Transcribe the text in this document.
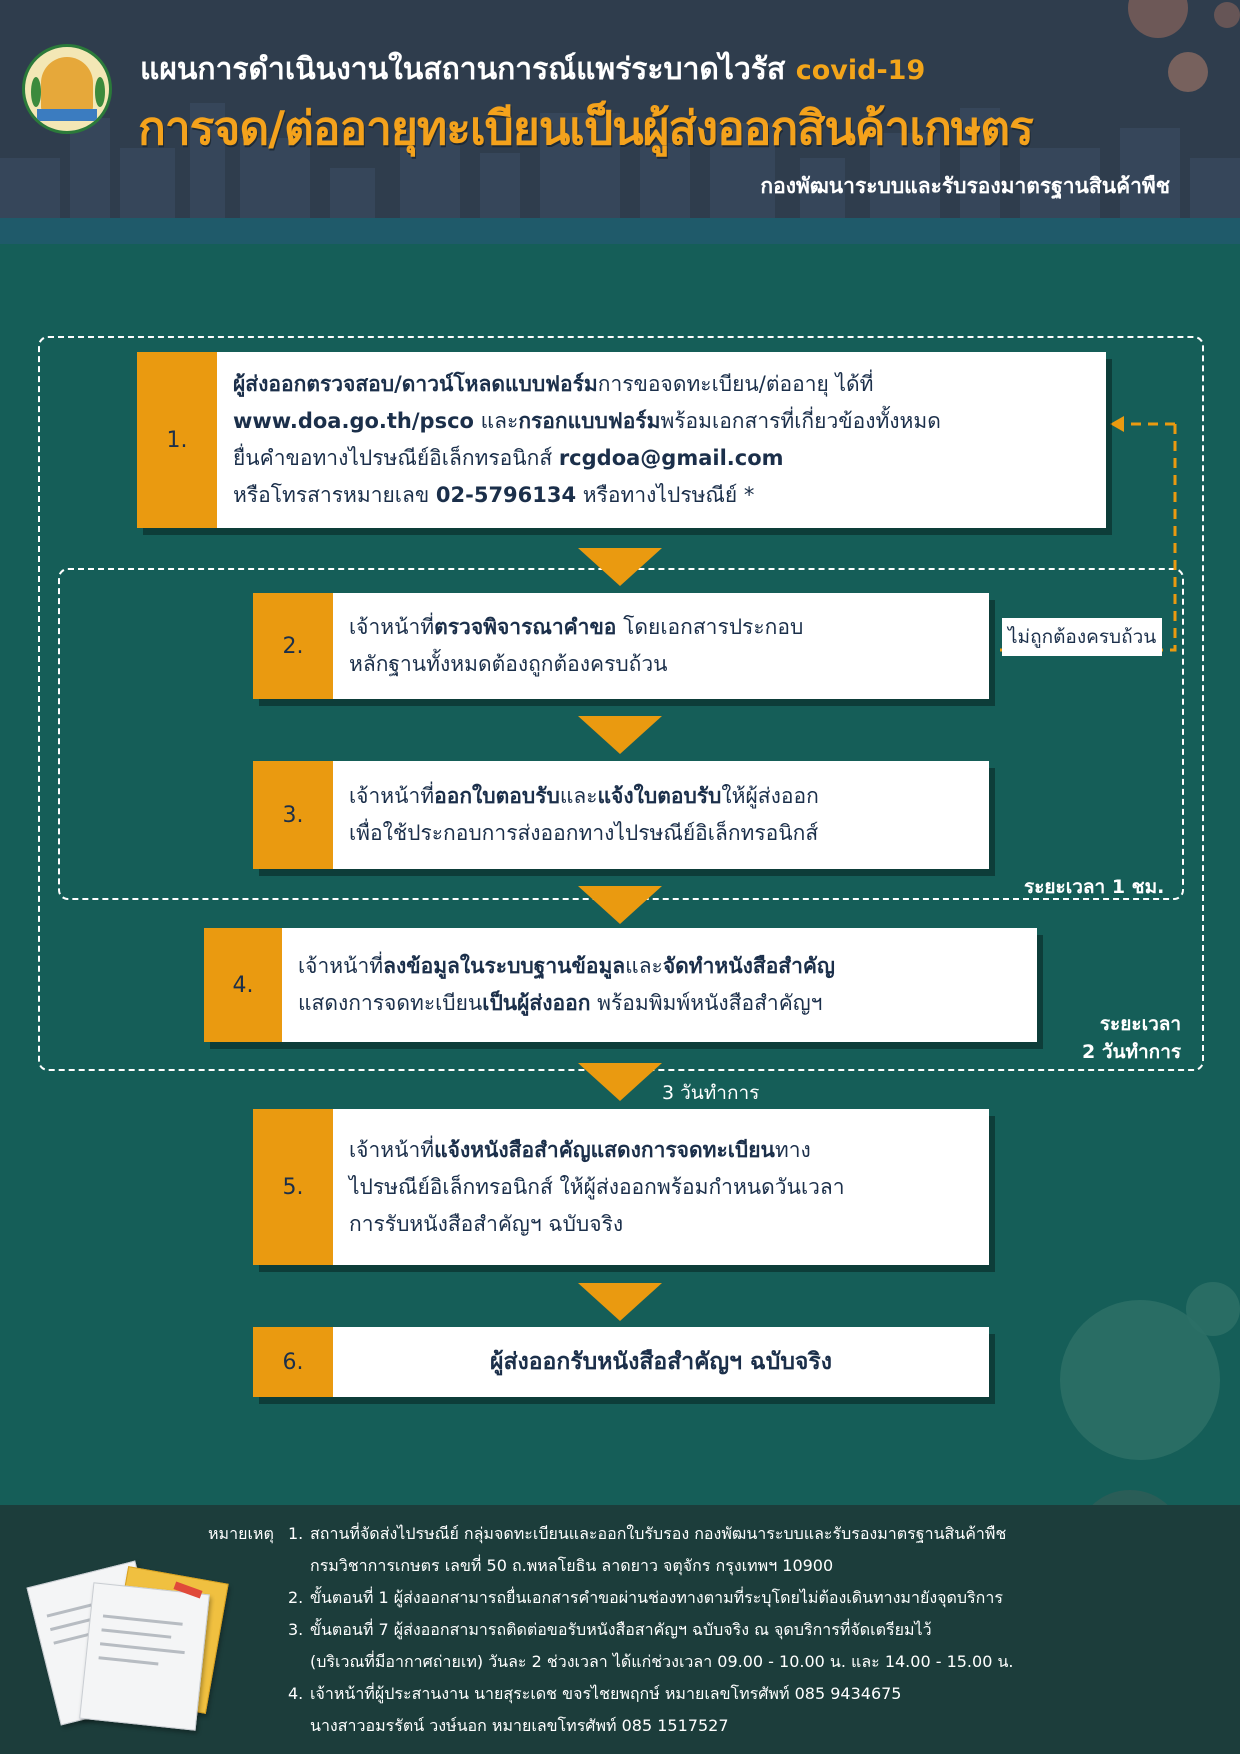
แผนการดำเนินงานในสถานการณ์แพร่ระบาดไวรัส covid-19
การจด/ต่ออายุทะเบียนเป็นผู้ส่งออกสินค้าเกษตร
กองพัฒนาระบบและรับรองมาตรฐานสินค้าพืช
ไม่ถูกต้องครบถ้วน
1.
ผู้ส่งออกตรวจสอบ/ดาวน์โหลดแบบฟอร์มการขอจดทะเบียน/ต่ออายุ ได้ที่
www.doa.go.th/psco และกรอกแบบฟอร์มพร้อมเอกสารที่เกี่ยวข้องทั้งหมด
ยื่นคำขอทางไปรษณีย์อิเล็กทรอนิกส์ rcgdoa@gmail.com
หรือโทรสารหมายเลข 02-5796134 หรือทางไปรษณีย์ *
2.
เจ้าหน้าที่ตรวจพิจารณาคำขอ โดยเอกสารประกอบ
หลักฐานทั้งหมดต้องถูกต้องครบถ้วน
3.
เจ้าหน้าที่ออกใบตอบรับและแจ้งใบตอบรับให้ผู้ส่งออก
เพื่อใช้ประกอบการส่งออกทางไปรษณีย์อิเล็กทรอนิกส์
ระยะเวลา 1 ชม.
4.
เจ้าหน้าที่ลงข้อมูลในระบบฐานข้อมูลและจัดทำหนังสือสำคัญ
แสดงการจดทะเบียนเป็นผู้ส่งออก พร้อมพิมพ์หนังสือสำคัญฯ
ระยะเวลา
2 วันทำการ
3 วันทำการ
5.
เจ้าหน้าที่แจ้งหนังสือสำคัญแสดงการจดทะเบียนทาง
ไปรษณีย์อิเล็กทรอนิกส์ ให้ผู้ส่งออกพร้อมกำหนดวันเวลา
การรับหนังสือสำคัญฯ ฉบับจริง
6.	ผู้ส่งออกรับหนังสือสำคัญฯ ฉบับจริง
หมายเหตุ 1. สถานที่จัดส่งไปรษณีย์ กลุ่มจดทะเบียนและออกใบรับรอง กองพัฒนาระบบและรับรองมาตรฐานสินค้าพืช
กรมวิชาการเกษตร เลขที่ 50 ถ.พหลโยธิน ลาดยาว จตุจักร กรุงเทพฯ 10900
2. ขั้นตอนที่ 1 ผู้ส่งออกสามารถยื่นเอกสารคำขอผ่านช่องทางตามที่ระบุโดยไม่ต้องเดินทางมายังจุดบริการ
3. ขั้นตอนที่ 7 ผู้ส่งออกสามารถติดต่อขอรับหนังสือสาคัญฯ ฉบับจริง ณ จุดบริการที่จัดเตรียมไว้
(บริเวณที่มีอากาศถ่ายเท) วันละ 2 ช่วงเวลา ได้แก่ช่วงเวลา 09.00 - 10.00 น. และ 14.00 - 15.00 น.
4. เจ้าหน้าที่ผู้ประสานงาน นายสุระเดช ขจรไชยพฤกษ์ หมายเลขโทรศัพท์ 085 9434675
นางสาวอมรรัตน์ วงษ์นอก หมายเลขโทรศัพท์ 085 1517527
